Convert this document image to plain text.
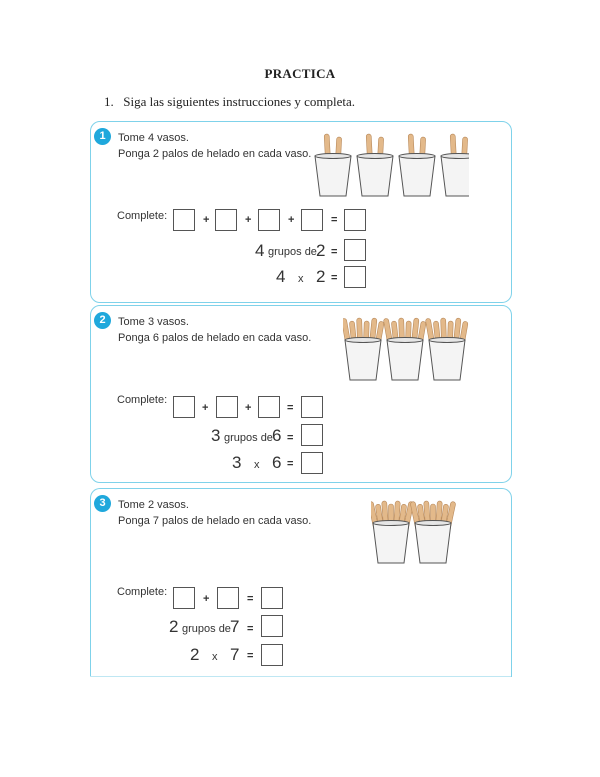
PRACTICA
1. Siga las siguientes instrucciones y completa.
1	Tome 4 vasos.
Ponga 2 palos de helado en cada vaso.
Complete:	+	+	+	=
4 grupos de 2 =
4 x 2 =
2	Tome 3 vasos.
Ponga 6 palos de helado en cada vaso.
Complete:
+	+	=
3 grupos de 6 =
3 x 6 =
3	Tome 2 vasos.
Ponga 7 palos de helado en cada vaso.
Complete:
+	=
2 grupos de 7 =
2 x 7 =
